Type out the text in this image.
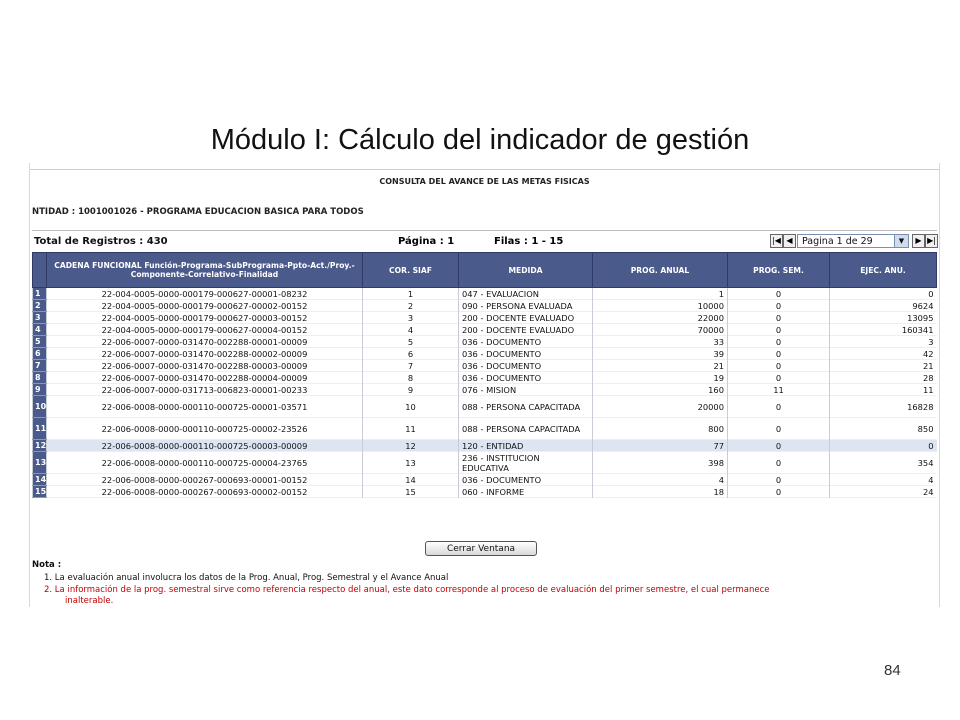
Módulo I: Cálculo del indicador de gestión
CONSULTA DEL AVANCE DE LAS METAS FISICAS
NTIDAD : 1001001026 - PROGRAMA EDUCACION BASICA PARA TODOS
Total de Registros : 430	Página : 1	Filas : 1 - 15	|◀ ◀ Pagina 1 de 29	▼	▶ ▶|
	CADENA FUNCIONAL Función-Programa-SubPrograma-Ppto-Act./Proy.-Componente-Correlativo-Finalidad	COR. SIAF	MEDIDA	PROG. ANUAL	PROG. SEM.	EJEC. ANU.
1	22-004-0005-0000-000179-000627-00001-08232	1	047 - EVALUACION	1	0	0
2	22-004-0005-0000-000179-000627-00002-00152	2	090 - PERSONA EVALUADA	10000	0	9624
3	22-004-0005-0000-000179-000627-00003-00152	3	200 - DOCENTE EVALUADO	22000	0	13095
4	22-004-0005-0000-000179-000627-00004-00152	4	200 - DOCENTE EVALUADO	70000	0	160341
5	22-006-0007-0000-031470-002288-00001-00009	5	036 - DOCUMENTO	33	0	3
6	22-006-0007-0000-031470-002288-00002-00009	6	036 - DOCUMENTO	39	0	42
7	22-006-0007-0000-031470-002288-00003-00009	7	036 - DOCUMENTO	21	0	21
8	22-006-0007-0000-031470-002288-00004-00009	8	036 - DOCUMENTO	19	0	28
9	22-006-0007-0000-031713-006823-00001-00233	9	076 - MISION	160	11	11
10	22-006-0008-0000-000110-000725-00001-03571	10	088 - PERSONA CAPACITADA	20000	0	16828
11	22-006-0008-0000-000110-000725-00002-23526	11	088 - PERSONA CAPACITADA	800	0	850
12	22-006-0008-0000-000110-000725-00003-00009	12	120 - ENTIDAD	77	0	0
13	22-006-0008-0000-000110-000725-00004-23765	13	236 - INSTITUCION EDUCATIVA	398	0	354
14	22-006-0008-0000-000267-000693-00001-00152	14	036 - DOCUMENTO	4	0	4
15	22-006-0008-0000-000267-000693-00002-00152	15	060 - INFORME	18	0	24
Cerrar Ventana
Nota :
1. La evaluación anual involucra los datos de la Prog. Anual, Prog. Semestral y el Avance Anual
2. La información de la prog. semestral sirve como referencia respecto del anual, este dato corresponde al proceso de evaluación del primer semestre, el cual permanece
inalterable.
84
